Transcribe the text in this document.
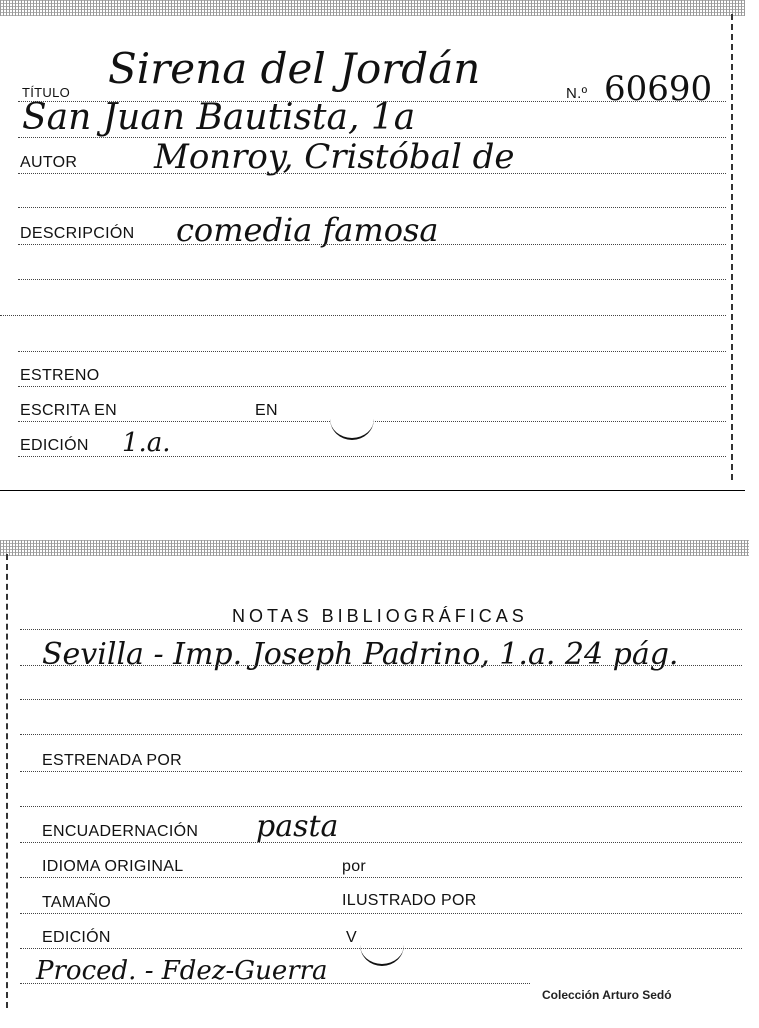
TÍTULO Sirena del Jordán
N.º 60690
San Juan Bautista, 1a
AUTOR Monroy, Cristóbal de
DESCRIPCIÓN comedia famosa
ESTRENO
ESCRITA EN	EN
EDICIÓN 1.a.
NOTAS BIBLIOGRÁFICAS
Sevilla - Imp. Joseph Padrino, 1.a. 24 pág.
ESTRENADA POR
ENCUADERNACIÓN pasta
IDIOMA ORIGINAL	por
TAMAÑO	ILUSTRADO POR
EDICIÓN	V
Proced. - Fdez-Guerra
Colección Arturo Sedó
